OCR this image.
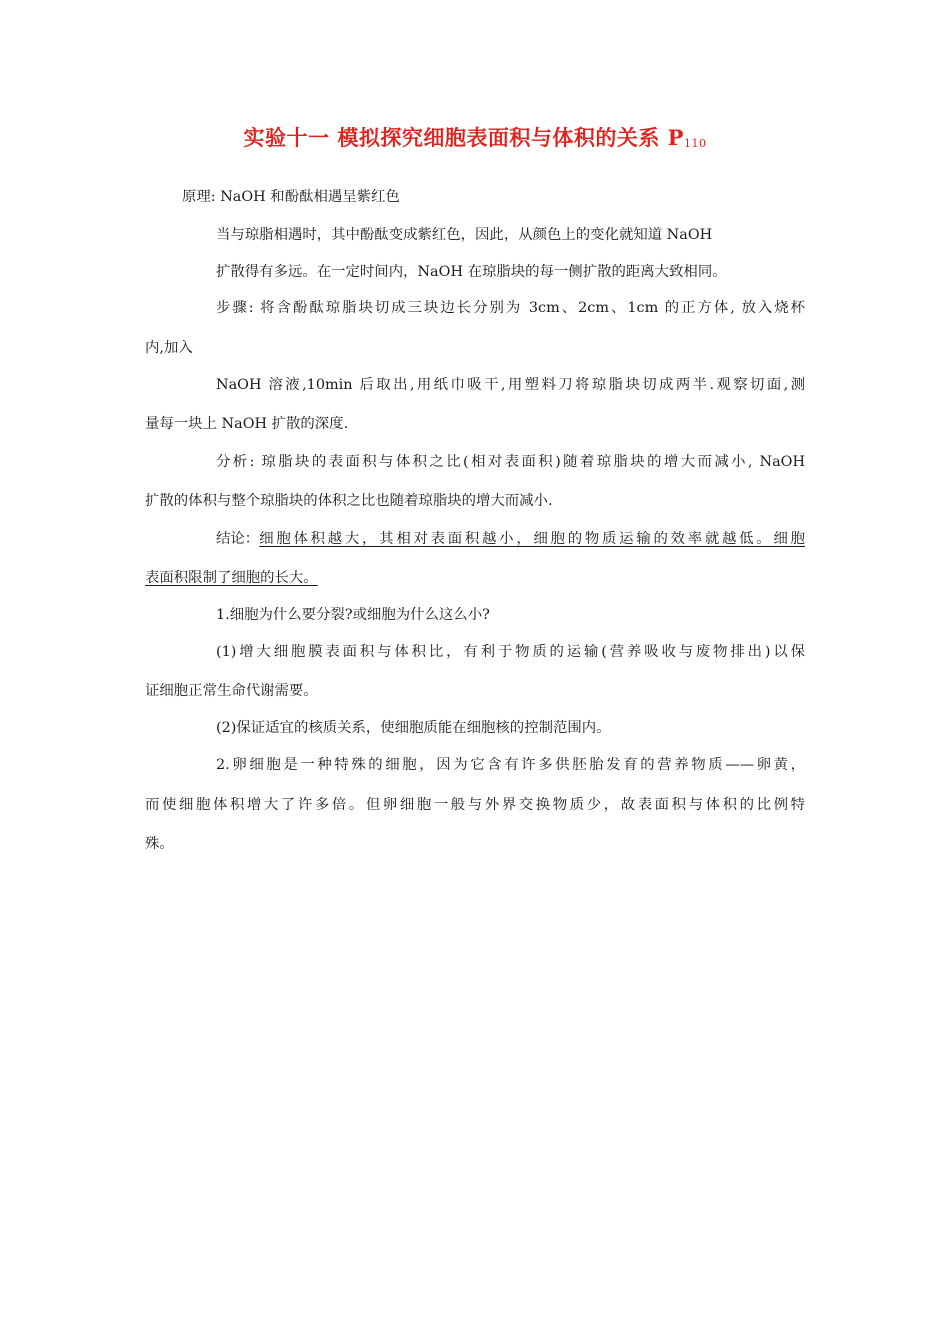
实验十一 模拟探究细胞表面积与体积的关系 P110
原理: NaOH 和酚酞相遇呈紫红色
当与琼脂相遇时，其中酚酞变成紫红色，因此，从颜色上的变化就知道 NaOH
扩散得有多远。在一定时间内，NaOH 在琼脂块的每一侧扩散的距离大致相同。
步骤: 将含酚酞琼脂块切成三块边长分别为 3cm、2cm、1cm 的正方体, 放入烧杯
内,加入
NaOH 溶液,10min 后取出,用纸巾吸干,用塑料刀将琼脂块切成两半.观察切面,测
量每一块上 NaOH 扩散的深度.
分析: 琼脂块的表面积与体积之比(相对表面积)随着琼脂块的增大而减小, NaOH
扩散的体积与整个琼脂块的体积之比也随着琼脂块的增大而减小.
结论： 细胞体积越大，其相对表面积越小，细胞的物质运输的效率就越低。细胞
表面积限制了细胞的长大。
1.细胞为什么要分裂?或细胞为什么这么小?
(1)增大细胞膜表面积与体积比，有利于物质的运输(营养吸收与废物排出)以保
证细胞正常生命代谢需要。
(2)保证适宜的核质关系，使细胞质能在细胞核的控制范围内。
2.卵细胞是一种特殊的细胞，因为它含有许多供胚胎发育的营养物质——卵黄，
而使细胞体积增大了许多倍。但卵细胞一般与外界交换物质少，故表面积与体积的比例特
殊。
